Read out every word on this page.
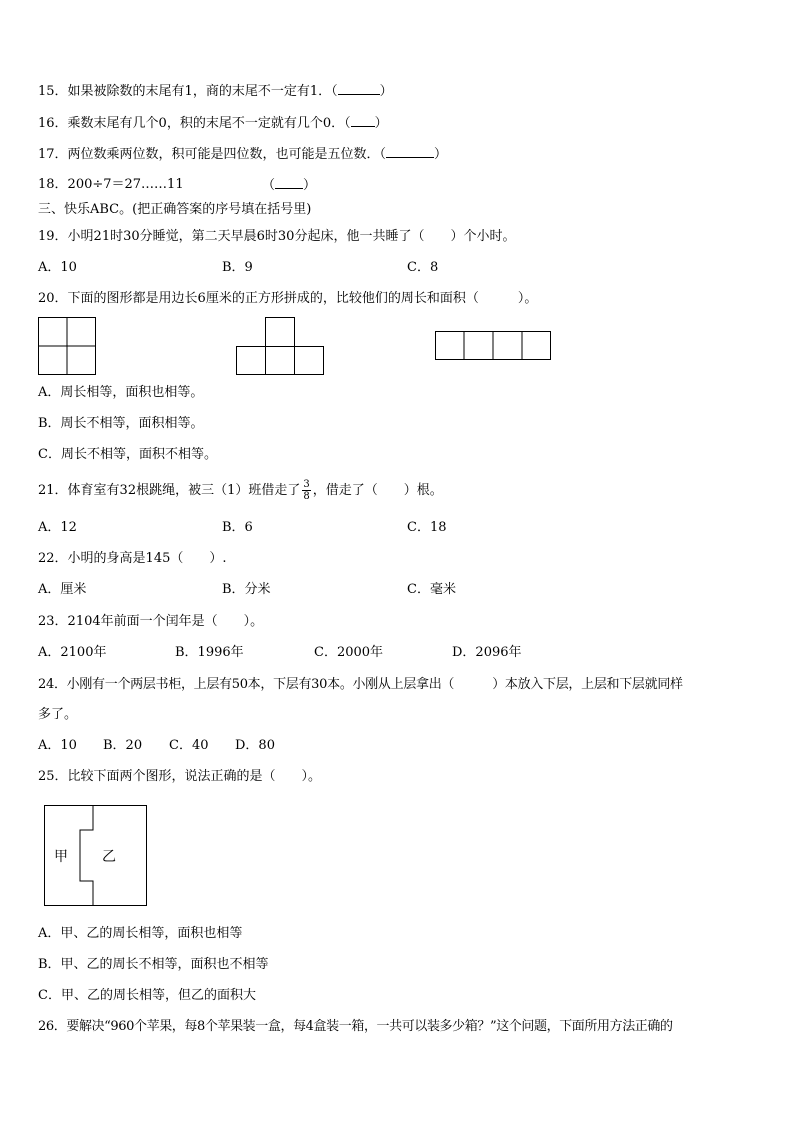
15．如果被除数的末尾有1，商的末尾不一定有1．（	）
16．乘数末尾有几个0，积的末尾不一定就有几个0．（ ）
17．两位数乘两位数，积可能是四位数，也可能是五位数．（	）
18．200÷7＝27……11	（ ）
三、快乐ABC。(把正确答案的序号填在括号里)
19．小明21时30分睡觉，第二天早晨6时30分起床，他一共睡了（　　）个小时。
A．10	B．9	C．8
20．下面的图形都是用边长6厘米的正方形拼成的，比较他们的周长和面积（　　　）。
A．周长相等，面积也相等。
B．周长不相等，面积相等。
C．周长不相等，面积不相等。
21．体育室有32根跳绳，被三（1）班借走了 $\frac{3}{8}$ ，借走了（　　）根。
A．12	B．6	C．18
22．小明的身高是145（　　）.
A．厘米	B．分米	C．毫米
23．2104年前面一个闰年是（　　）。
A．2100年	B．1996年	C．2000年	D．2096年
24．小刚有一个两层书柜，上层有50本，下层有30本。小刚从上层拿出（　　　）本放入下层，上层和下层就同样
多了。
A．10 B．20 C．40 D．80
25．比较下面两个图形，说法正确的是（　　）。
甲 乙
A．甲、乙的周长相等，面积也相等
B．甲、乙的周长不相等，面积也不相等
C．甲、乙的周长相等，但乙的面积大
26．要解决“960个苹果，每8个苹果装一盒，每4盒装一箱，一共可以装多少箱？”这个问题，下面所用方法正确的
